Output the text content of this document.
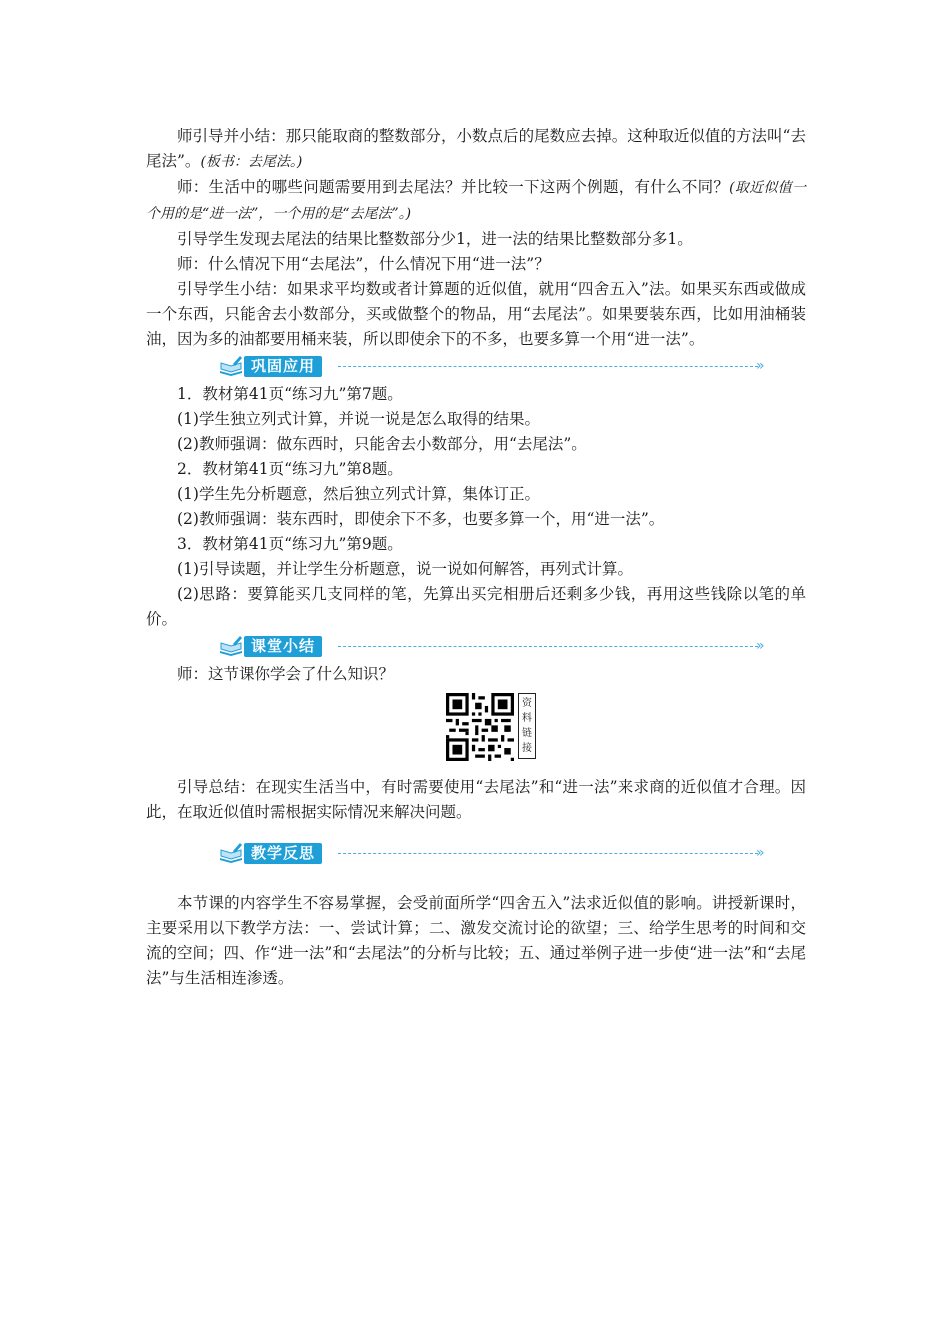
师引导并小结：那只能取商的整数部分，小数点后的尾数应去掉。这种取近似值的方法叫“去尾法”。(板书：去尾法。)

师：生活中的哪些问题需要用到去尾法？并比较一下这两个例题，有什么不同？(取近似值一个用的是“进一法”，一个用的是“去尾法”。)

引导学生发现去尾法的结果比整数部分少1，进一法的结果比整数部分多1。

师：什么情况下用“去尾法”，什么情况下用“进一法”？

引导学生小结：如果求平均数或者计算题的近似值，就用“四舍五入”法。如果买东西或做成一个东西，只能舍去小数部分，买或做整个的物品，用“去尾法”。如果要装东西，比如用油桶装油，因为多的油都要用桶来装，所以即使余下的不多，也要多算一个用“进一法”。

巩固应用	»

1．教材第41页“练习九”第7题。

(1)学生独立列式计算，并说一说是怎么取得的结果。

(2)教师强调：做东西时，只能舍去小数部分，用“去尾法”。

2．教材第41页“练习九”第8题。

(1)学生先分析题意，然后独立列式计算，集体订正。

(2)教师强调：装东西时，即使余下不多，也要多算一个，用“进一法”。

3．教材第41页“练习九”第9题。

(1)引导读题，并让学生分析题意，说一说如何解答，再列式计算。

(2)思路：要算能买几支同样的笔，先算出买完相册后还剩多少钱，再用这些钱除以笔的单价。

课堂小结	»

师：这节课你学会了什么知识？

资
料
链
接

引导总结：在现实生活当中，有时需要使用“去尾法”和“进一法”来求商的近似值才合理。因此，在取近似值时需根据实际情况来解决问题。

教学反思	»

本节课的内容学生不容易掌握，会受前面所学“四舍五入”法求近似值的影响。讲授新课时，主要采用以下教学方法：一、尝试计算；二、激发交流讨论的欲望；三、给学生思考的时间和交流的空间；四、作“进一法”和“去尾法”的分析与比较；五、通过举例子进一步使“进一法”和“去尾法”与生活相连渗透。
